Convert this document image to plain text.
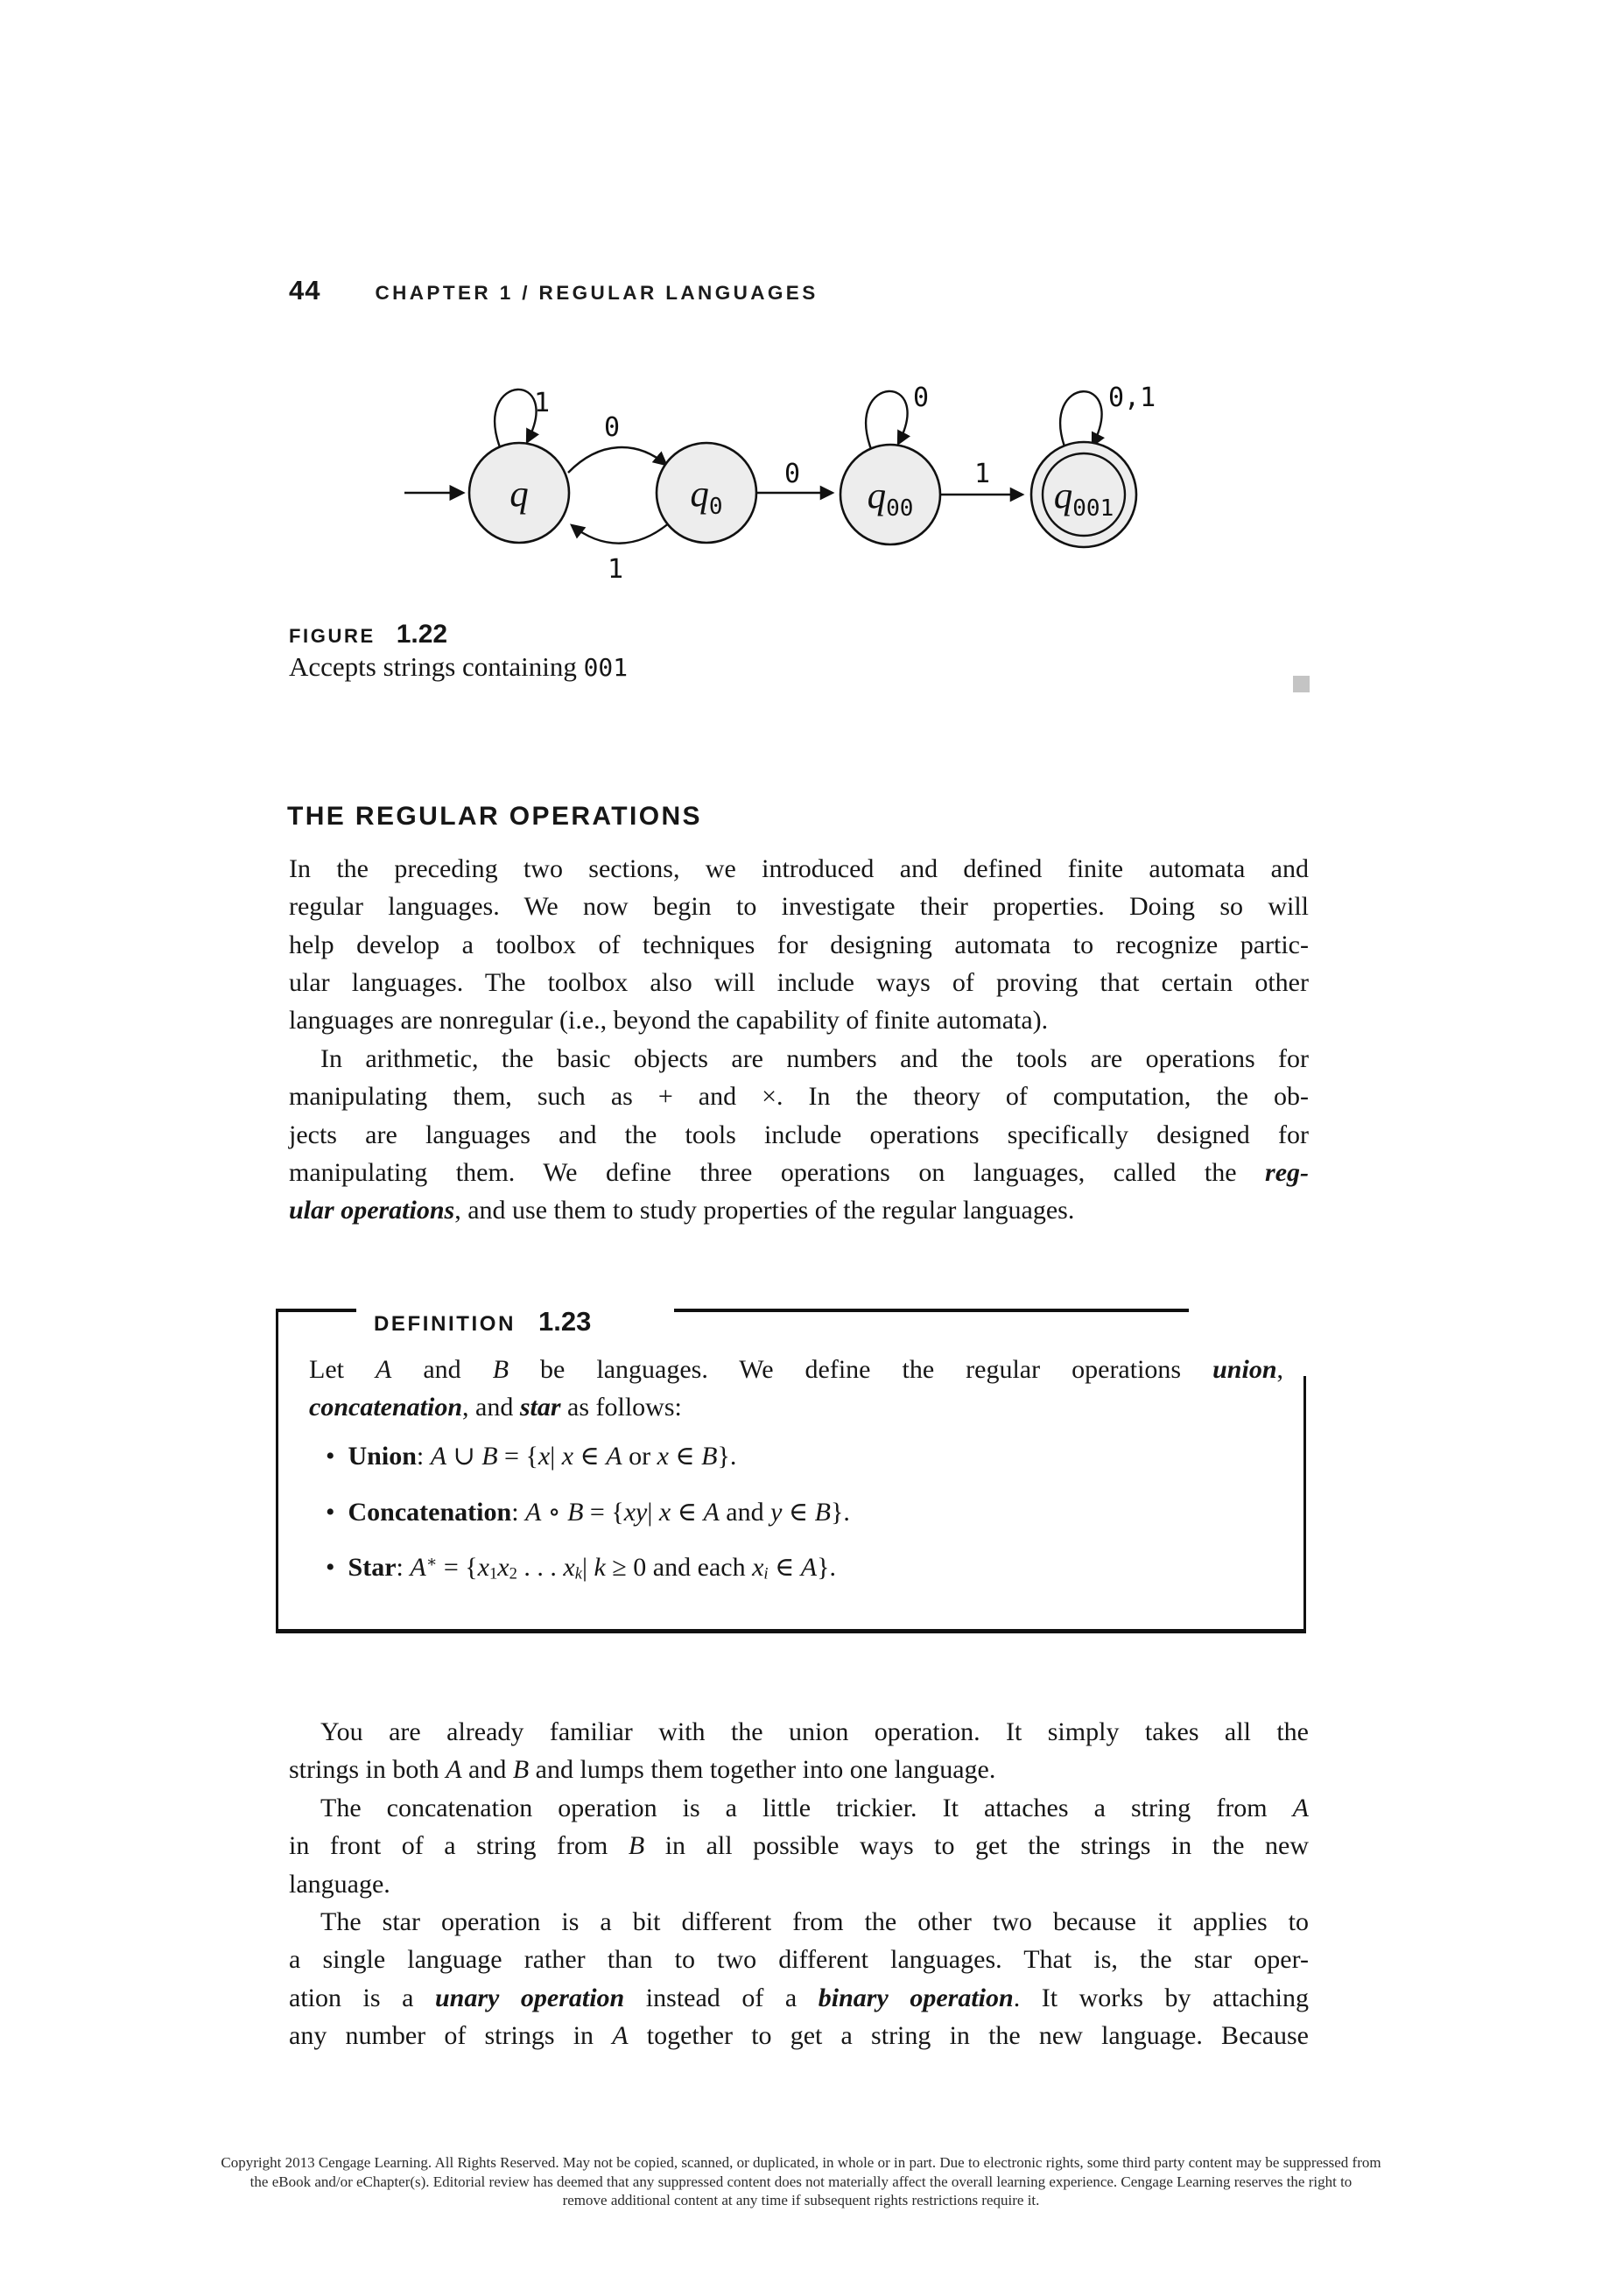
44	CHAPTER 1 / REGULAR LANGUAGES
q	$q_0$	$q_{00}$	$q_{001}$
1
0
1
0
0
1
0,1
FIGURE 1.22
Accepts strings containing 001
THE REGULAR OPERATIONS
In the preceding two sections, we introduced and defined finite automata and
regular languages. We now begin to investigate their properties. Doing so will
help develop a toolbox of techniques for designing automata to recognize partic-
ular languages. The toolbox also will include ways of proving that certain other
languages are nonregular (i.e., beyond the capability of finite automata).
In arithmetic, the basic objects are numbers and the tools are operations for
manipulating them, such as + and ×. In the theory of computation, the ob-
jects are languages and the tools include operations specifically designed for
manipulating them. We define three operations on languages, called the reg-
ular operations, and use them to study properties of the regular languages.
DEFINITION 1.23
Let A and B be languages. We define the regular operations union,
concatenation, and star as follows:
• Union: A ∪ B = {x| x ∈ A or x ∈ B}.
• Concatenation: A ∘ B = {xy| x ∈ A and y ∈ B}.
• Star: A∗ = {x1x2 . . . xk| k ≥ 0 and each xi ∈ A}.
You are already familiar with the union operation. It simply takes all the
strings in both A and B and lumps them together into one language.
The concatenation operation is a little trickier. It attaches a string from A
in front of a string from B in all possible ways to get the strings in the new
language.
The star operation is a bit different from the other two because it applies to
a single language rather than to two different languages. That is, the star oper-
ation is a unary operation instead of a binary operation. It works by attaching
any number of strings in A together to get a string in the new language. Because
Copyright 2013 Cengage Learning. All Rights Reserved. May not be copied, scanned, or duplicated, in whole or in part. Due to electronic rights, some third party content may be suppressed from
the eBook and/or eChapter(s). Editorial review has deemed that any suppressed content does not materially affect the overall learning experience. Cengage Learning reserves the right to
remove additional content at any time if subsequent rights restrictions require it.
